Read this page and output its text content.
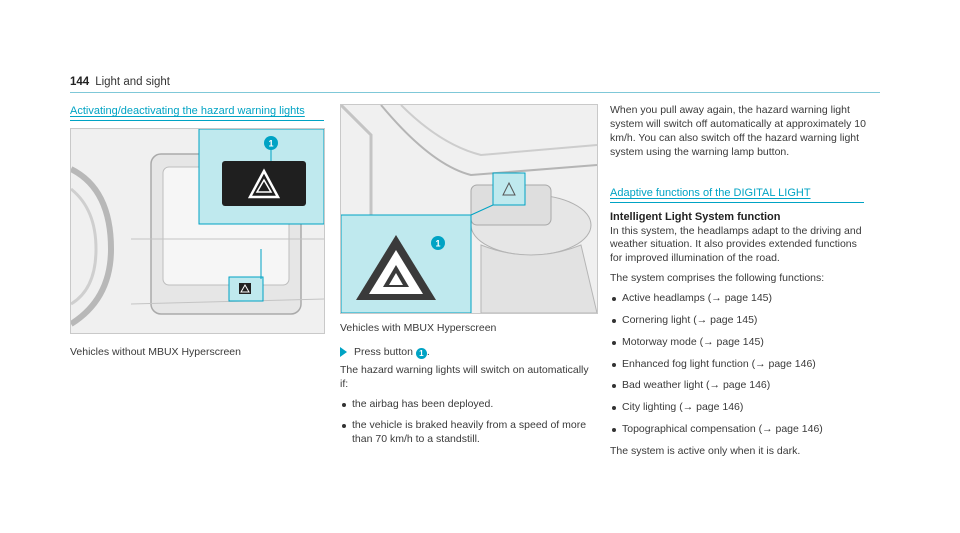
144 Light and sight
Activating/deactivating the hazard warning lights
1
Vehicles without MBUX Hyperscreen
1
Vehicles with MBUX Hyperscreen
Press button 1 .

The hazard warning lights will switch on automatically if:

the airbag has been deployed.
the vehicle is braked heavily from a speed of more than 70 km/h to a standstill.

When you pull away again, the hazard warning light system will switch off automatically at approximately 10 km/h. You can also switch off the hazard warning light system using the warning lamp button.

Adaptive functions of the DIGITAL LIGHT
Intelligent Light System function

In this system, the headlamps adapt to the driving and weather situation. It also provides extended functions for improved illumination of the road.

The system comprises the following functions:

Active headlamps (→ page 145)
Cornering light (→ page 145)
Motorway mode (→ page 145)
Enhanced fog light function (→ page 146)
Bad weather light (→ page 146)
City lighting (→ page 146)
Topographical compensation (→ page 146)

The system is active only when it is dark.
